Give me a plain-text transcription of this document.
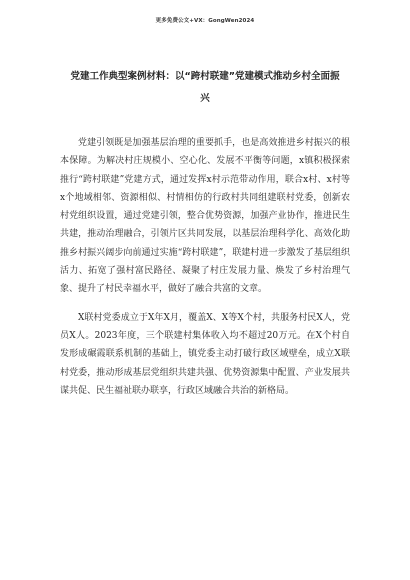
更多免费公文+VX：GongWen2024
党建工作典型案例材料：以“跨村联建”党建模式推动乡村全面振兴

党建引领既是加强基层治理的重要抓手，也是高效推进乡村振兴的根本保障。为解决村庄规模小、空心化、发展不平衡等问题，x镇积极探索推行“跨村联建”党建方式，通过发挥x村示范带动作用，联合x村、x村等x个地域相邻、资源相似、村情相仿的行政村共同组建联村党委，创新农村党组织设置，通过党建引领，整合优势资源，加强产业协作，推进民生共建，推动治理融合，引领片区共同发展，以基层治理科学化、高效化助推乡村振兴阔步向前通过实施“跨村联建”，联建村进一步激发了基层组织活力、拓宽了强村富民路径、凝聚了村庄发展力量、焕发了乡村治理气象、提升了村民幸福水平，做好了融合共富的文章。

X联村党委成立于X年X月，覆盖X、X等X个村，共服务村民X人，党员X人。2023年度，三个联建村集体收入均不超过20万元。在X个村自发形成碾霞联系机制的基础上，镇党委主动打破行政区域壁垒，成立X联村党委，推动形成基层党组织共建共强、优势资源集中配置、产业发展共谋共促、民生福祉联办联享，行政区域融合共治的新格局。
